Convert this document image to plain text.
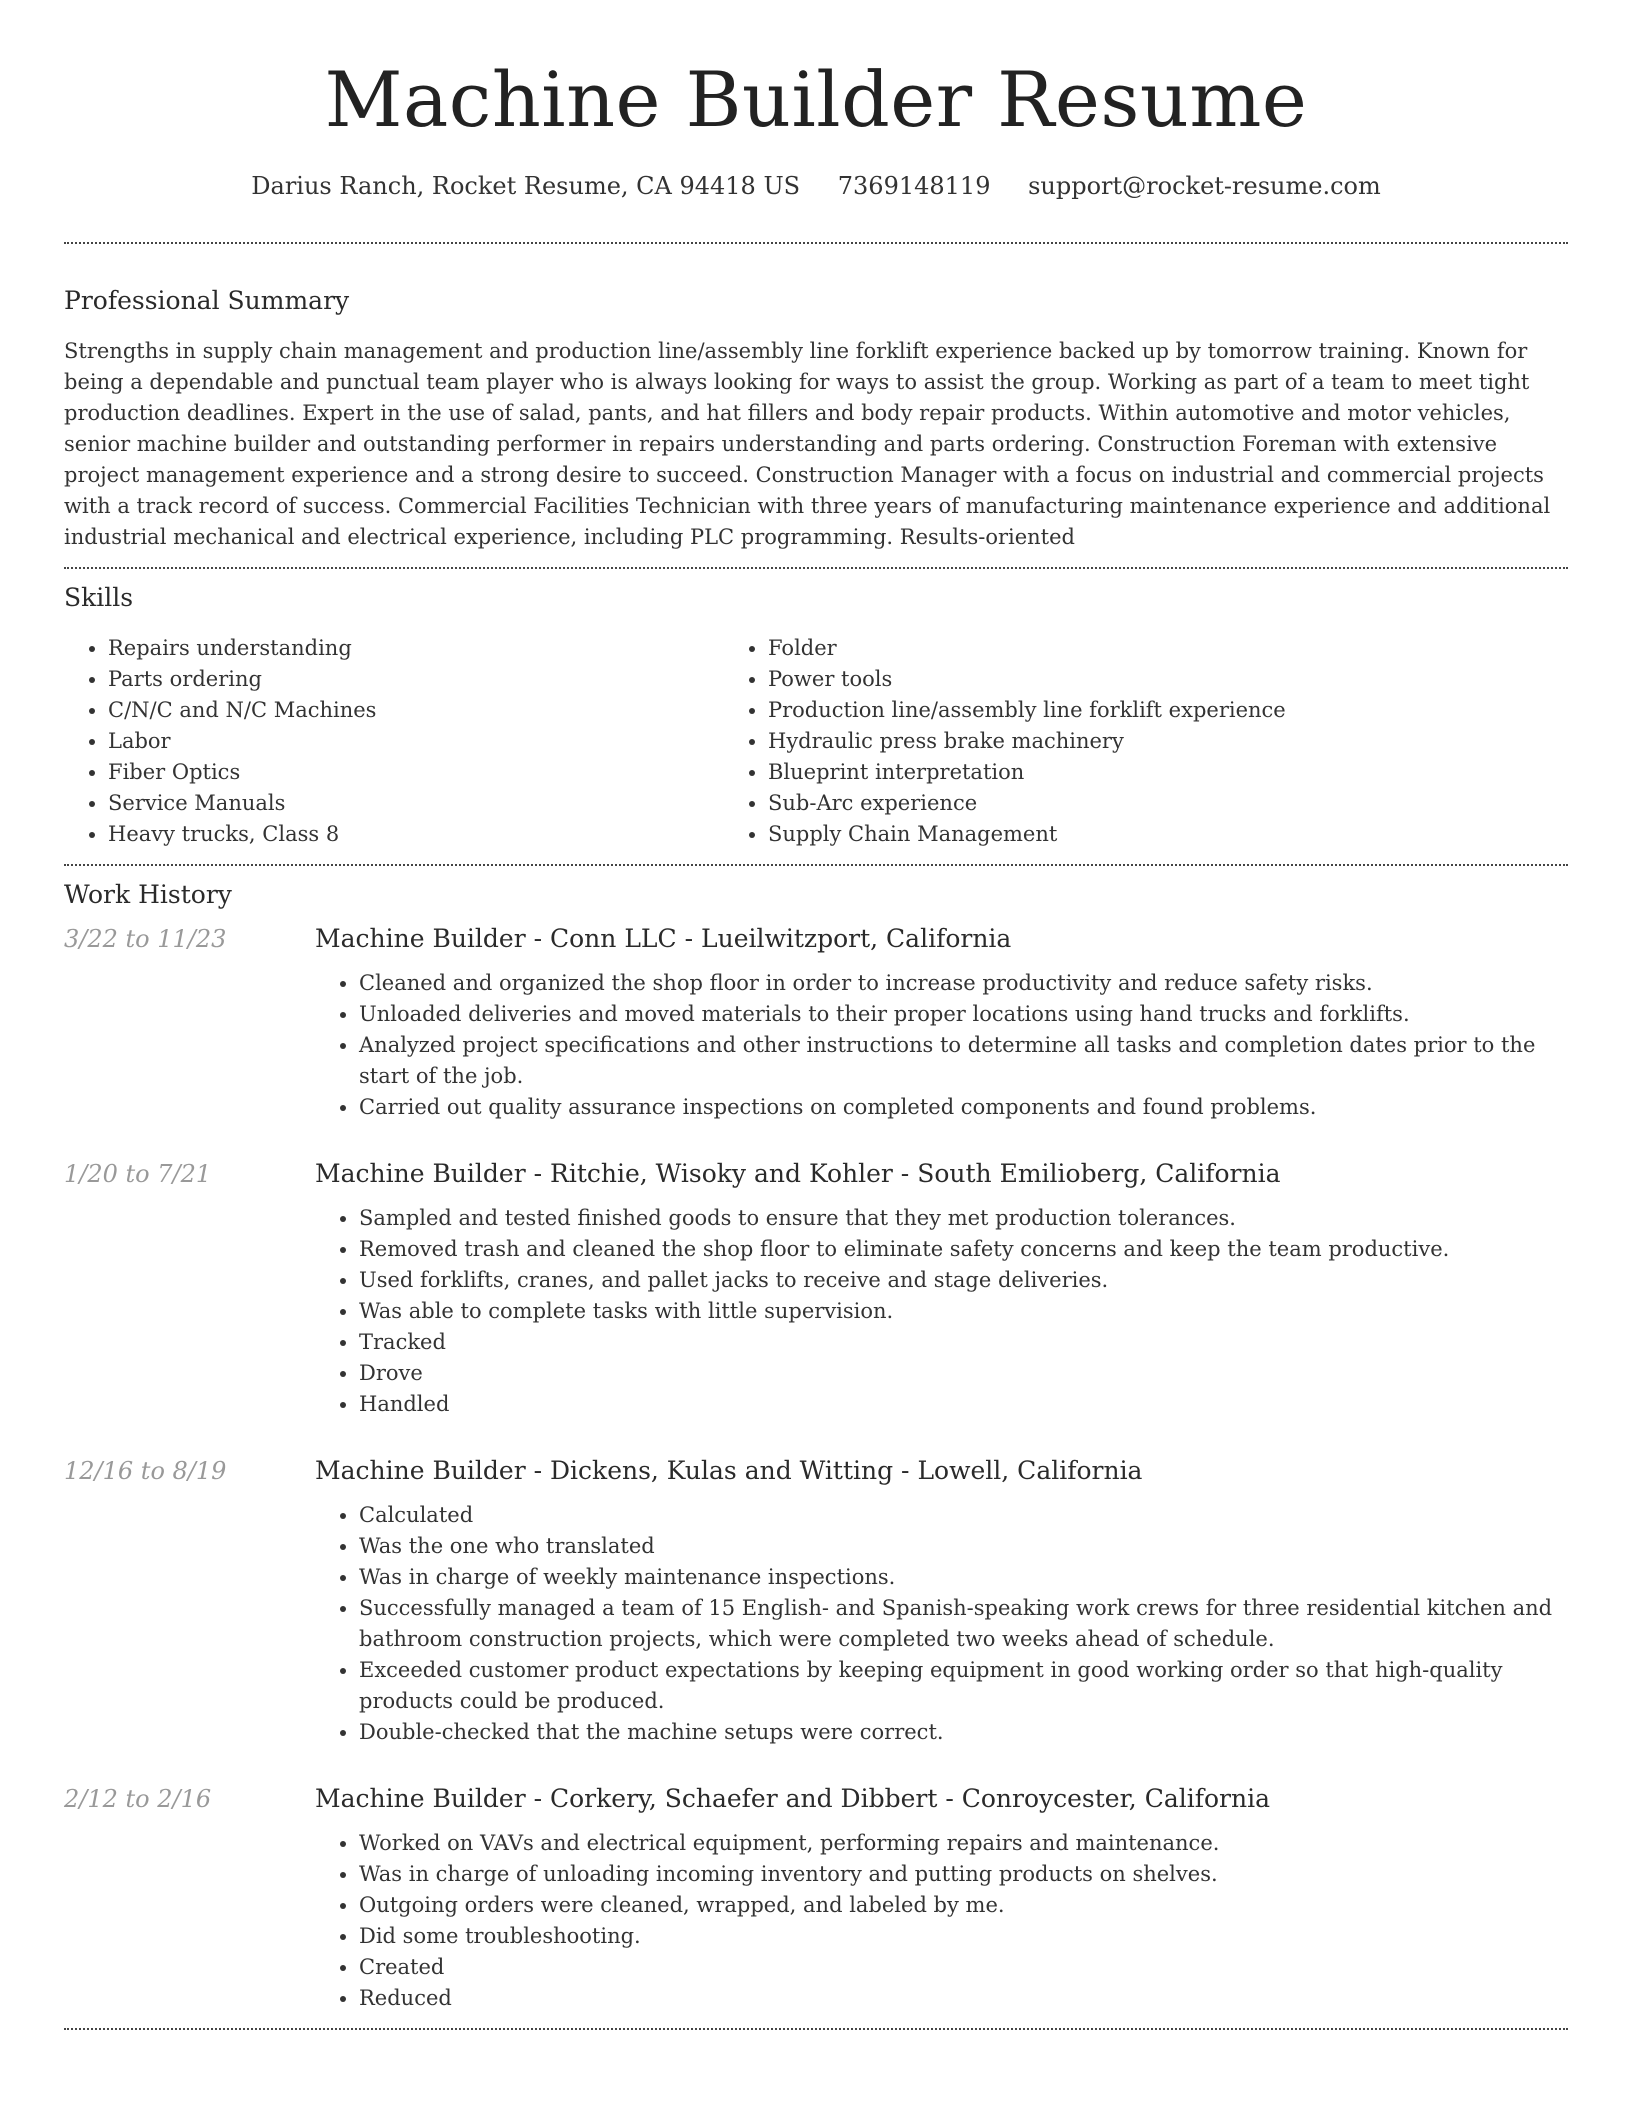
Machine Builder Resume
Darius Ranch, Rocket Resume, CA 94418 US 7369148119 support@rocket-resume.com
Professional Summary

Strengths in supply chain management and production line/assembly line forklift experience backed up by tomorrow training. Known for being a dependable and punctual team player who is always looking for ways to assist the group. Working as part of a team to meet tight production deadlines. Expert in the use of salad, pants, and hat fillers and body repair products. Within automotive and motor vehicles, senior machine builder and outstanding performer in repairs understanding and parts ordering. Construction Foreman with extensive project management experience and a strong desire to succeed. Construction Manager with a focus on industrial and commercial projects with a track record of success. Commercial Facilities Technician with three years of manufacturing maintenance experience and additional industrial mechanical and electrical experience, including PLC programming. Results-oriented

Skills
• Repairs understanding
• Parts ordering
• C/N/C and N/C Machines
• Labor
• Fiber Optics
• Service Manuals
• Heavy trucks, Class 8
• Folder
• Power tools
• Production line/assembly line forklift experience
• Hydraulic press brake machinery
• Blueprint interpretation
• Sub-Arc experience
• Supply Chain Management
Work History
3/22 to 11/23	Machine Builder - Conn LLC - Lueilwitzport, California
• Cleaned and organized the shop floor in order to increase productivity and reduce safety risks.
• Unloaded deliveries and moved materials to their proper locations using hand trucks and forklifts.
• Analyzed project specifications and other instructions to determine all tasks and completion dates prior to the start of the job.
• Carried out quality assurance inspections on completed components and found problems.
1/20 to 7/21	Machine Builder - Ritchie, Wisoky and Kohler - South Emilioberg, California
• Sampled and tested finished goods to ensure that they met production tolerances.
• Removed trash and cleaned the shop floor to eliminate safety concerns and keep the team productive.
• Used forklifts, cranes, and pallet jacks to receive and stage deliveries.
• Was able to complete tasks with little supervision.
• Tracked
• Drove
• Handled
12/16 to 8/19	Machine Builder - Dickens, Kulas and Witting - Lowell, California
• Calculated
• Was the one who translated
• Was in charge of weekly maintenance inspections.
• Successfully managed a team of 15 English- and Spanish-speaking work crews for three residential kitchen and bathroom construction projects, which were completed two weeks ahead of schedule.
• Exceeded customer product expectations by keeping equipment in good working order so that high-quality products could be produced.
• Double-checked that the machine setups were correct.
2/12 to 2/16	Machine Builder - Corkery, Schaefer and Dibbert - Conroycester, California
• Worked on VAVs and electrical equipment, performing repairs and maintenance.
• Was in charge of unloading incoming inventory and putting products on shelves.
• Outgoing orders were cleaned, wrapped, and labeled by me.
• Did some troubleshooting.
• Created
• Reduced
